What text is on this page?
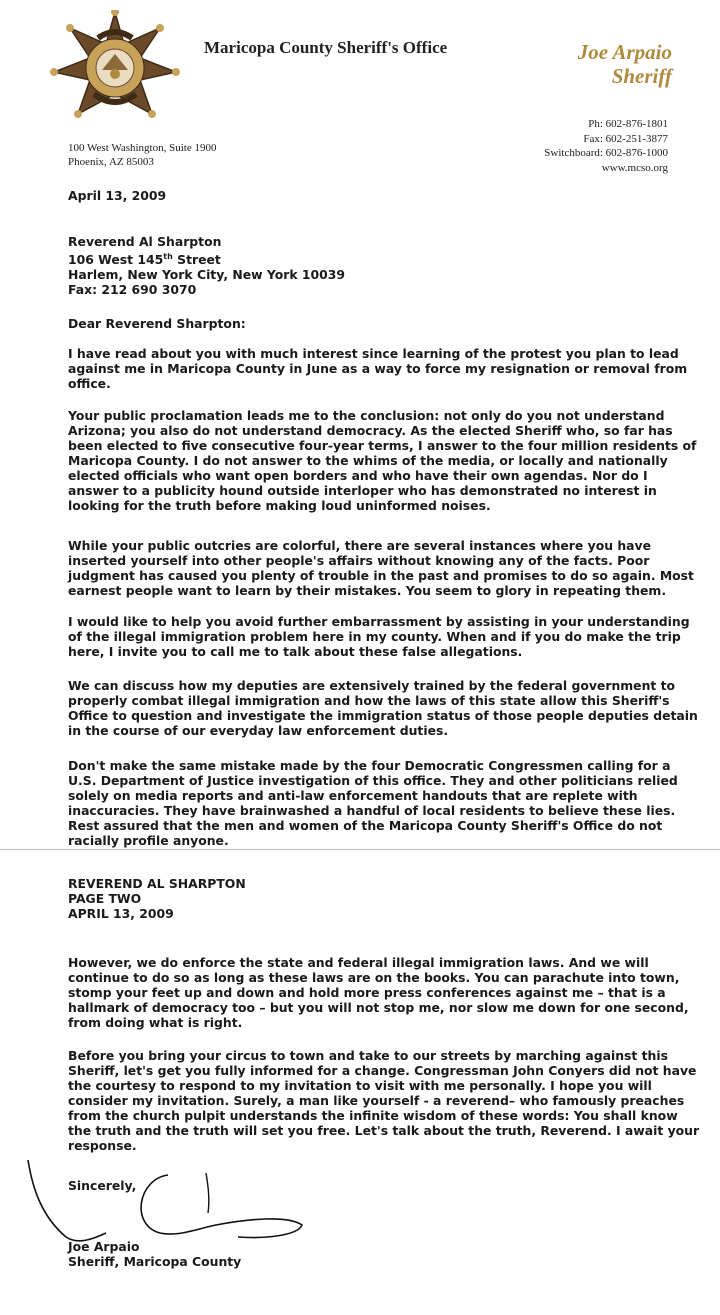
Maricopa County Sheriff's Office	Joe Arpaio
Sheriff
100 West Washington, Suite 1900
Phoenix, AZ 85003
Ph: 602-876-1801
Fax: 602-251-3877
Switchboard: 602-876-1000
www.mcso.org
April 13, 2009
Reverend Al Sharpton
106 West 145th Street
Harlem, New York City, New York 10039
Fax: 212 690 3070
Dear Reverend Sharpton:
I have read about you with much interest since learning of the protest you plan to lead
against me in Maricopa County in June as a way to force my resignation or removal from
office.
Your public proclamation leads me to the conclusion: not only do you not understand
Arizona; you also do not understand democracy. As the elected Sheriff who, so far has
been elected to five consecutive four-year terms, I answer to the four million residents of
Maricopa County. I do not answer to the whims of the media, or locally and nationally
elected officials who want open borders and who have their own agendas. Nor do I
answer to a publicity hound outside interloper who has demonstrated no interest in
looking for the truth before making loud uninformed noises.
While your public outcries are colorful, there are several instances where you have
inserted yourself into other people's affairs without knowing any of the facts. Poor
judgment has caused you plenty of trouble in the past and promises to do so again. Most
earnest people want to learn by their mistakes. You seem to glory in repeating them.
I would like to help you avoid further embarrassment by assisting in your understanding
of the illegal immigration problem here in my county. When and if you do make the trip
here, I invite you to call me to talk about these false allegations.
We can discuss how my deputies are extensively trained by the federal government to
properly combat illegal immigration and how the laws of this state allow this Sheriff's
Office to question and investigate the immigration status of those people deputies detain
in the course of our everyday law enforcement duties.
Don't make the same mistake made by the four Democratic Congressmen calling for a
U.S. Department of Justice investigation of this office. They and other politicians relied
solely on media reports and anti-law enforcement handouts that are replete with
inaccuracies. They have brainwashed a handful of local residents to believe these lies.
Rest assured that the men and women of the Maricopa County Sheriff's Office do not
racially profile anyone.
REVEREND AL SHARPTON
PAGE TWO
APRIL 13, 2009
However, we do enforce the state and federal illegal immigration laws. And we will
continue to do so as long as these laws are on the books. You can parachute into town,
stomp your feet up and down and hold more press conferences against me – that is a
hallmark of democracy too – but you will not stop me, nor slow me down for one second,
from doing what is right.
Before you bring your circus to town and take to our streets by marching against this
Sheriff, let's get you fully informed for a change. Congressman John Conyers did not have
the courtesy to respond to my invitation to visit with me personally. I hope you will
consider my invitation. Surely, a man like yourself - a reverend– who famously preaches
from the church pulpit understands the infinite wisdom of these words: You shall know
the truth and the truth will set you free. Let's talk about the truth, Reverend. I await your
response.
Sincerely,
Joe Arpaio
Sheriff, Maricopa County
